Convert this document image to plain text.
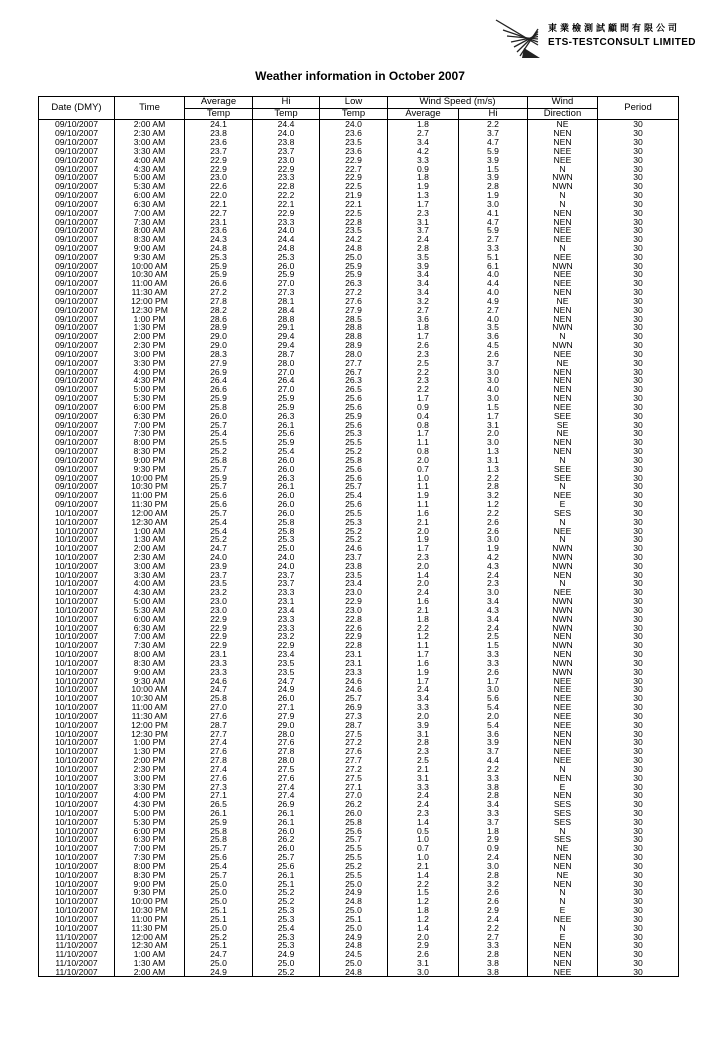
東業檢測試顧問有限公司
ETS-TESTCONSULT LIMITED
Weather information in October 2007
Date (DMY)	Time	Average	Hi	Low	Wind Speed (m/s)		Wind	Period
		Temp	Temp	Temp	Average	Hi	Direction	
09/10/2007	2:00 AM	24.1	24.4	24.0	1.8	2.2	NE	30
09/10/2007	2:30 AM	23.8	24.0	23.6	2.7	3.7	NEN	30
09/10/2007	3:00 AM	23.6	23.8	23.5	3.4	4.7	NEN	30
09/10/2007	3:30 AM	23.7	23.7	23.6	4.2	5.9	NEE	30
09/10/2007	4:00 AM	22.9	23.0	22.9	3.3	3.9	NEE	30
09/10/2007	4:30 AM	22.9	22.9	22.7	0.9	1.5	N	30
09/10/2007	5:00 AM	23.0	23.3	22.9	1.8	3.9	NWN	30
09/10/2007	5:30 AM	22.6	22.8	22.5	1.9	2.8	NWN	30
09/10/2007	6:00 AM	22.0	22.2	21.9	1.3	1.9	N	30
09/10/2007	6:30 AM	22.1	22.1	22.1	1.7	3.0	N	30
09/10/2007	7:00 AM	22.7	22.9	22.5	2.3	4.1	NEN	30
09/10/2007	7:30 AM	23.1	23.3	22.8	3.1	4.7	NEN	30
09/10/2007	8:00 AM	23.6	24.0	23.5	3.7	5.9	NEE	30
09/10/2007	8:30 AM	24.3	24.4	24.2	2.4	2.7	NEE	30
09/10/2007	9:00 AM	24.8	24.8	24.8	2.8	3.3	N	30
09/10/2007	9:30 AM	25.3	25.3	25.0	3.5	5.1	NEE	30
09/10/2007	10:00 AM	25.9	26.0	25.9	3.9	6.1	NWN	30
09/10/2007	10:30 AM	25.9	25.9	25.9	3.4	4.0	NEE	30
09/10/2007	11:00 AM	26.6	27.0	26.3	3.4	4.4	NEE	30
09/10/2007	11:30 AM	27.2	27.3	27.2	3.4	4.0	NEN	30
09/10/2007	12:00 PM	27.8	28.1	27.6	3.2	4.9	NE	30
09/10/2007	12:30 PM	28.2	28.4	27.9	2.7	2.7	NEN	30
09/10/2007	1:00 PM	28.6	28.8	28.5	3.6	4.0	NEN	30
09/10/2007	1:30 PM	28.9	29.1	28.8	1.8	3.5	NWN	30
09/10/2007	2:00 PM	29.0	29.4	28.8	1.7	3.6	N	30
09/10/2007	2:30 PM	29.0	29.4	28.9	2.6	4.5	NWN	30
09/10/2007	3:00 PM	28.3	28.7	28.0	2.3	2.6	NEE	30
09/10/2007	3:30 PM	27.9	28.0	27.7	2.5	3.7	NE	30
09/10/2007	4:00 PM	26.9	27.0	26.7	2.2	3.0	NEN	30
09/10/2007	4:30 PM	26.4	26.4	26.3	2.3	3.0	NEN	30
09/10/2007	5:00 PM	26.6	27.0	26.5	2.2	4.0	NEN	30
09/10/2007	5:30 PM	25.9	25.9	25.6	1.7	3.0	NEN	30
09/10/2007	6:00 PM	25.8	25.9	25.6	0.9	1.5	NEE	30
09/10/2007	6:30 PM	26.0	26.3	25.9	0.4	1.7	SEE	30
09/10/2007	7:00 PM	25.7	26.1	25.6	0.8	3.1	SE	30
09/10/2007	7:30 PM	25.4	25.6	25.3	1.7	2.0	NE	30
09/10/2007	8:00 PM	25.5	25.9	25.5	1.1	3.0	NEN	30
09/10/2007	8:30 PM	25.2	25.4	25.2	0.8	1.3	NEN	30
09/10/2007	9:00 PM	25.8	26.0	25.8	2.0	3.1	N	30
09/10/2007	9:30 PM	25.7	26.0	25.6	0.7	1.3	SEE	30
09/10/2007	10:00 PM	25.9	26.3	25.6	1.0	2.2	SEE	30
09/10/2007	10:30 PM	25.7	26.1	25.7	1.1	2.8	N	30
09/10/2007	11:00 PM	25.6	26.0	25.4	1.9	3.2	NEE	30
09/10/2007	11:30 PM	25.6	26.0	25.6	1.1	1.2	E	30
10/10/2007	12:00 AM	25.7	26.0	25.5	1.6	2.2	SES	30
10/10/2007	12:30 AM	25.4	25.8	25.3	2.1	2.6	N	30
10/10/2007	1:00 AM	25.4	25.8	25.2	2.0	2.6	NEE	30
10/10/2007	1:30 AM	25.2	25.3	25.2	1.9	3.0	N	30
10/10/2007	2:00 AM	24.7	25.0	24.6	1.7	1.9	NWN	30
10/10/2007	2:30 AM	24.0	24.0	23.7	2.3	4.2	NWN	30
10/10/2007	3:00 AM	23.9	24.0	23.8	2.0	4.3	NWN	30
10/10/2007	3:30 AM	23.7	23.7	23.5	1.4	2.4	NEN	30
10/10/2007	4:00 AM	23.5	23.7	23.4	2.0	2.3	N	30
10/10/2007	4:30 AM	23.2	23.3	23.0	2.4	3.0	NEE	30
10/10/2007	5:00 AM	23.0	23.1	22.9	1.6	3.4	NWN	30
10/10/2007	5:30 AM	23.0	23.4	23.0	2.1	4.3	NWN	30
10/10/2007	6:00 AM	22.9	23.3	22.8	1.8	3.4	NWN	30
10/10/2007	6:30 AM	22.9	23.3	22.6	2.2	2.4	NWN	30
10/10/2007	7:00 AM	22.9	23.2	22.9	1.2	2.5	NEN	30
10/10/2007	7:30 AM	22.9	22.9	22.8	1.1	1.5	NWN	30
10/10/2007	8:00 AM	23.1	23.4	23.1	1.7	3.3	NEN	30
10/10/2007	8:30 AM	23.3	23.5	23.1	1.6	3.3	NWN	30
10/10/2007	9:00 AM	23.3	23.5	23.3	1.9	2.6	NWN	30
10/10/2007	9:30 AM	24.6	24.7	24.6	1.7	1.7	NEE	30
10/10/2007	10:00 AM	24.7	24.9	24.6	2.4	3.0	NEE	30
10/10/2007	10:30 AM	25.8	26.0	25.7	3.4	5.6	NEE	30
10/10/2007	11:00 AM	27.0	27.1	26.9	3.3	5.4	NEE	30
10/10/2007	11:30 AM	27.6	27.9	27.3	2.0	2.0	NEE	30
10/10/2007	12:00 PM	28.7	29.0	28.7	3.9	5.4	NEE	30
10/10/2007	12:30 PM	27.7	28.0	27.5	3.1	3.6	NEN	30
10/10/2007	1:00 PM	27.4	27.6	27.2	2.8	3.9	NEN	30
10/10/2007	1:30 PM	27.6	27.8	27.6	2.3	3.7	NEE	30
10/10/2007	2:00 PM	27.8	28.0	27.7	2.5	4.4	NEE	30
10/10/2007	2:30 PM	27.4	27.5	27.2	2.1	2.2	N	30
10/10/2007	3:00 PM	27.6	27.6	27.5	3.1	3.3	NEN	30
10/10/2007	3:30 PM	27.3	27.4	27.1	3.3	3.8	E	30
10/10/2007	4:00 PM	27.1	27.4	27.0	2.4	2.8	NEN	30
10/10/2007	4:30 PM	26.5	26.9	26.2	2.4	3.4	SES	30
10/10/2007	5:00 PM	26.1	26.1	26.0	2.3	3.3	SES	30
10/10/2007	5:30 PM	25.9	26.1	25.8	1.4	3.7	SES	30
10/10/2007	6:00 PM	25.8	26.0	25.6	0.5	1.8	N	30
10/10/2007	6:30 PM	25.8	26.2	25.7	1.0	2.9	SES	30
10/10/2007	7:00 PM	25.7	26.0	25.5	0.7	0.9	NE	30
10/10/2007	7:30 PM	25.6	25.7	25.5	1.0	2.4	NEN	30
10/10/2007	8:00 PM	25.4	25.6	25.2	2.1	3.0	NEN	30
10/10/2007	8:30 PM	25.7	26.1	25.5	1.4	2.8	NE	30
10/10/2007	9:00 PM	25.0	25.1	25.0	2.2	3.2	NEN	30
10/10/2007	9:30 PM	25.0	25.2	24.9	1.5	2.6	N	30
10/10/2007	10:00 PM	25.0	25.2	24.8	1.2	2.6	N	30
10/10/2007	10:30 PM	25.1	25.3	25.0	1.8	2.9	E	30
10/10/2007	11:00 PM	25.1	25.3	25.1	1.2	2.4	NEE	30
10/10/2007	11:30 PM	25.0	25.4	25.0	1.4	2.2	N	30
11/10/2007	12:00 AM	25.2	25.3	24.9	2.0	2.7	E	30
11/10/2007	12:30 AM	25.1	25.3	24.8	2.9	3.3	NEN	30
11/10/2007	1:00 AM	24.7	24.9	24.5	2.6	2.8	NEN	30
11/10/2007	1:30 AM	25.0	25.0	25.0	3.1	3.8	NEN	30
11/10/2007	2:00 AM	24.9	25.2	24.8	3.0	3.8	NEE	30
